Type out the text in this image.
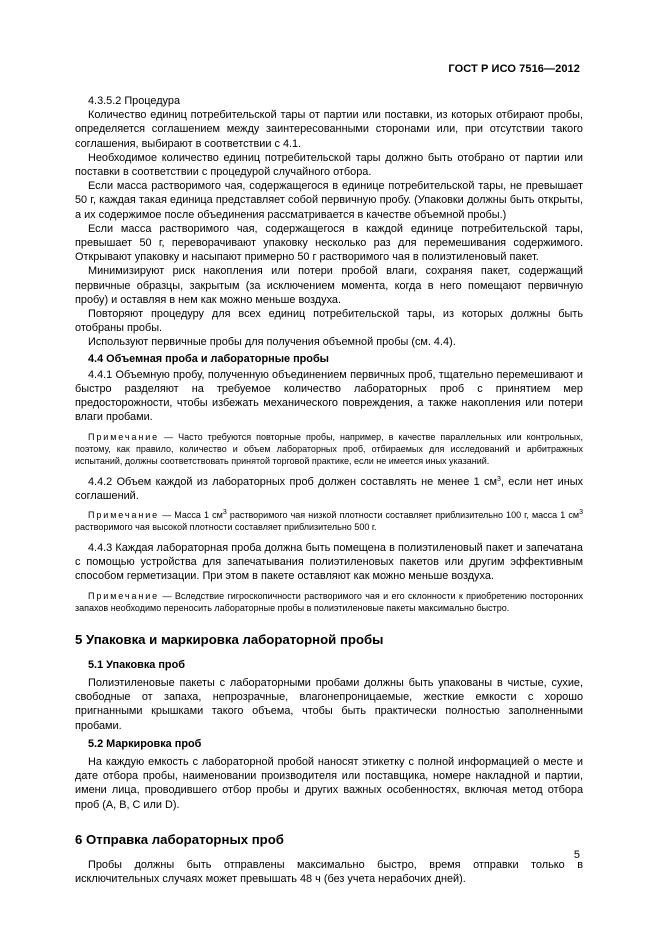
ГОСТ Р ИСО 7516—2012

4.3.5.2 Процедура

Количество единиц потребительской тары от партии или поставки, из которых отбирают пробы, определяется соглашением между заинтересованными сторонами или, при отсутствии такого соглашения, выбирают в соответствии с 4.1.

Необходимое количество единиц потребительской тары должно быть отобрано от партии или поставки в соответствии с процедурой случайного отбора.

Если масса растворимого чая, содержащегося в единице потребительской тары, не превышает 50 г, каждая такая единица представляет собой первичную пробу. (Упаковки должны быть открыты, а их содержимое после объединения рассматривается в качестве объемной пробы.)

Если масса растворимого чая, содержащегося в каждой единице потребительской тары, превышает 50 г, переворачивают упаковку несколько раз для перемешивания содержимого. Открывают упаковку и насыпают примерно 50 г растворимого чая в полиэтиленовый пакет.

Минимизируют риск накопления или потери пробой влаги, сохраняя пакет, содержащий первичные образцы, закрытым (за исключением момента, когда в него помещают первичную пробу) и оставляя в нем как можно меньше воздуха.

Повторяют процедуру для всех единиц потребительской тары, из которых должны быть отобраны пробы.

Используют первичные пробы для получения объемной пробы (см. 4.4).

4.4 Объемная проба и лабораторные пробы

4.4.1 Объемную пробу, полученную объединением первичных проб, тщательно перемешивают и быстро разделяют на требуемое количество лабораторных проб с принятием мер предосторожности, чтобы избежать механического повреждения, а также накопления или потери влаги пробами.

Примечание — Часто требуются повторные пробы, например, в качестве параллельных или контрольных, поэтому, как правило, количество и объем лабораторных проб, отбираемых для исследований и арбитражных испытаний, должны соответствовать принятой торговой практике, если не имеется иных указаний.

4.4.2 Объем каждой из лабораторных проб должен составлять не менее 1 $см^3$, если нет иных соглашений.

Примечание — Масса 1 $см^3$ растворимого чая низкой плотности составляет приблизительно 100 г, масса 1 $см^3$ растворимого чая высокой плотности составляет приблизительно 500 г.

4.4.3 Каждая лабораторная проба должна быть помещена в полиэтиленовый пакет и запечатана с помощью устройства для запечатывания полиэтиленовых пакетов или другим эффективным способом герметизации. При этом в пакете оставляют как можно меньше воздуха.

Примечание — Вследствие гигроскопичности растворимого чая и его склонности к приобретению посторонних запахов необходимо переносить лабораторные пробы в полиэтиленовые пакеты максимально быстро.

5 Упаковка и маркировка лабораторной пробы

5.1 Упаковка проб

Полиэтиленовые пакеты с лабораторными пробами должны быть упакованы в чистые, сухие, свободные от запаха, непрозрачные, влагонепроницаемые, жесткие емкости с хорошо пригнанными крышками такого объема, чтобы быть практически полностью заполненными пробами.

5.2 Маркировка проб

На каждую емкость с лабораторной пробой наносят этикетку с полной информацией о месте и дате отбора пробы, наименовании производителя или поставщика, номере накладной и партии, имени лица, проводившего отбор пробы и других важных особенностях, включая метод отбора проб (А, В, С или D).

6 Отправка лабораторных проб

Пробы должны быть отправлены максимально быстро, время отправки только в исключительных случаях может превышать 48 ч (без учета нерабочих дней).

5
